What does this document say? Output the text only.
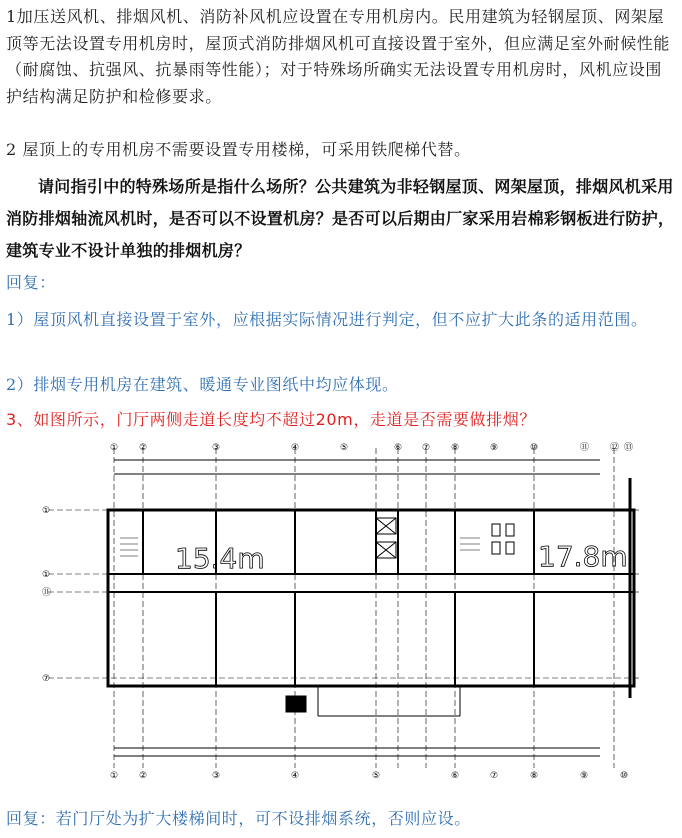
1加压送风机、排烟风机、消防补风机应设置在专用机房内。民用建筑为轻钢屋顶、网架屋顶等无法设置专用机房时，屋顶式消防排烟风机可直接设置于室外，但应满足室外耐候性能（耐腐蚀、抗强风、抗暴雨等性能）；对于特殊场所确实无法设置专用机房时，风机应设围护结构满足防护和检修要求。

2 屋顶上的专用机房不需要设置专用楼梯，可采用铁爬梯代替。

请问指引中的特殊场所是指什么场所？公共建筑为非轻钢屋顶、网架屋顶，排烟风机采用消防排烟轴流风机时，是否可以不设置机房？是否可以后期由厂家采用岩棉彩钢板进行防护，建筑专业不设计单独的排烟机房？

回复：

1）屋顶风机直接设置于室外，应根据实际情况进行判定，但不应扩大此条的适用范围。

2）排烟专用机房在建筑、暖通专业图纸中均应体现。

3、如图所示，门厅两侧走道长度均不超过20m，走道是否需要做排烟？

15.4m	17.8m
① ②	③	④	⑤	⑥ ⑦ ⑧	⑨	⑩	⑪ ⑫ ⑬
① ②	③	④	⑤	⑥	⑦	⑧	⑨	⑩
①
①
⑪
⑦

回复：若门厅处为扩大楼梯间时，可不设排烟系统，否则应设。
